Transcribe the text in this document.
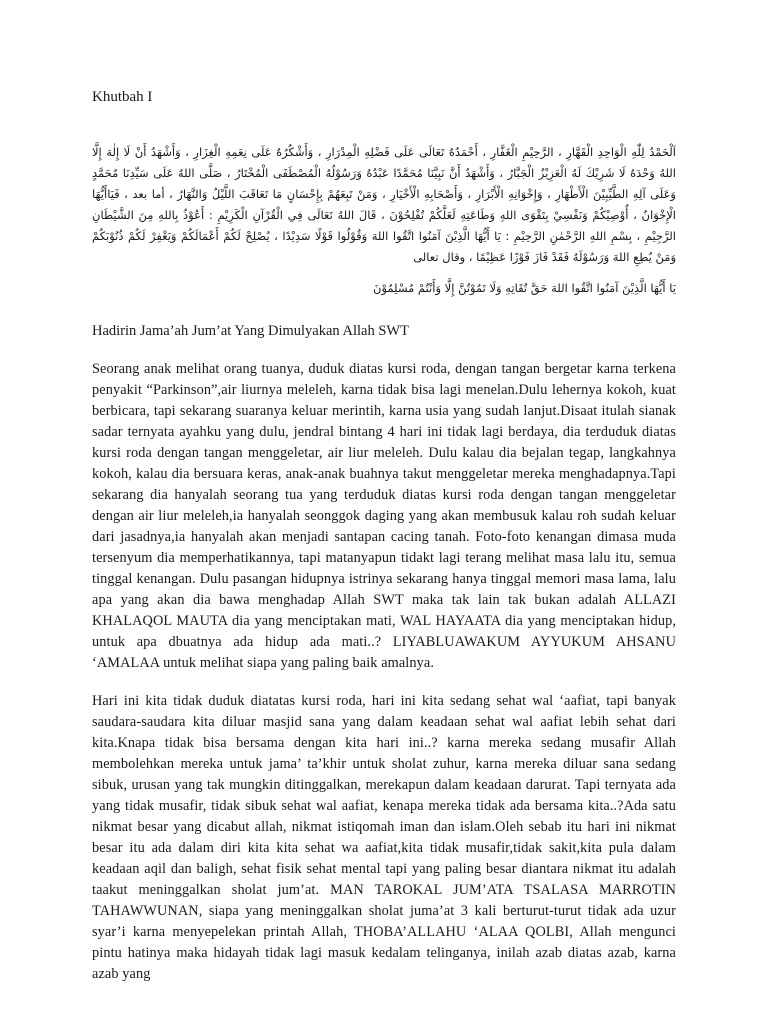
Khutbah I
اَلْحَمْدُ لِلّٰهِ الْوَاحِدِ الْقَهَّارِ ، الرَّحِيْمِ الْغَفَّارِ ، أَحْمَدُهُ تَعَالَى عَلَى فَضْلِهِ الْمِدْرَارِ ، وَأَشْكُرُهُ عَلَى نِعَمِهِ الْغِزَارِ ، وَأَشْهَدُ أَنْ لَا إِلٰهَ إِلَّا اللهُ وَحْدَهُ لَا شَرِيْكَ لَهُ الْعَزِيْزُ الْجَبَّارُ ، وَأَشْهَدُ أَنَّ نَبِيَّنَا مُحَمَّدًا عَبْدُهُ وَرَسُوْلُهُ الْمُصْطَفَى الْمُخْتَارُ ، صَلَّى اللهُ عَلَى سَيِّدِنَا مُحَمَّدٍ وَعَلَى آلِهِ الطَّيِّبِيْنَ الْأَطْهَارِ ، وَإِخْوَانِهِ الْأَبْرَارِ ، وَأَصْحَابِهِ الْأَخْيَارِ ، وَمَنْ تَبِعَهُمْ بِإِحْسَانٍ مَا تَعَاقَبَ اللَّيْلُ وَالنَّهَارُ ، أما بعد ، فَيَاأَيُّهَا الْإِخْوَانُ ، أُوْصِيْكُمْ وَنَفْسِيْ بِتَقْوَى اللهِ وَطَاعَتِهِ لَعَلَّكُمْ تُفْلِحُوْنَ ، قَالَ اللهُ تَعَالَى فِي الْقُرْآنِ الْكَرِيْمِ : أَعُوْذُ بِاللهِ مِنَ الشَّيْطَانِ الرَّجِيْمِ ، بِسْمِ اللهِ الرَّحْمٰنِ الرَّحِيْمِ : يَا أَيُّهَا الَّذِيْنَ آمَنُوا اتَّقُوا اللهَ وَقُوْلُوا قَوْلًا سَدِيْدًا ، يُصْلِحْ لَكُمْ أَعْمَالَكُمْ وَيَغْفِرْ لَكُمْ ذُنُوْبَكُمْ وَمَنْ يُطِعِ اللهَ وَرَسُوْلَهُ فَقَدْ فَازَ فَوْزًا عَظِيْمًا ، وقال تعالى
يَا أَيُّهَا الَّذِيْنَ آمَنُوا اتَّقُوا اللهَ حَقَّ تُقَاتِهِ وَلَا تَمُوْتُنَّ إِلَّا وَأَنْتُمْ مُسْلِمُوْنَ
Hadirin Jama’ah Jum’at Yang Dimulyakan Allah SWT

Seorang anak melihat orang tuanya, duduk diatas kursi roda, dengan tangan bergetar karna terkena penyakit “Parkinson”,air liurnya meleleh, karna tidak bisa lagi menelan.Dulu lehernya kokoh, kuat berbicara, tapi sekarang suaranya keluar merintih, karna usia yang sudah lanjut.Disaat itulah sianak sadar ternyata ayahku yang dulu, jendral bintang 4 hari ini tidak lagi berdaya, dia terduduk diatas kursi roda dengan tangan menggeletar, air liur meleleh. Dulu kalau dia bejalan tegap, langkahnya kokoh, kalau dia bersuara keras, anak-anak buahnya takut menggeletar mereka menghadapnya.Tapi sekarang dia hanyalah seorang tua yang terduduk diatas kursi roda dengan tangan menggeletar dengan air liur meleleh,ia hanyalah seonggok daging yang akan membusuk kalau roh sudah keluar dari jasadnya,ia hanyalah akan menjadi santapan cacing tanah. Foto-foto kenangan dimasa muda tersenyum dia memperhatikannya, tapi matanyapun tidakt lagi terang melihat masa lalu itu, semua tinggal kenangan. Dulu pasangan hidupnya istrinya sekarang hanya tinggal memori masa lama, lalu apa yang akan dia bawa menghadap Allah SWT maka tak lain tak bukan adalah ALLAZI KHALAQOL MAUTA dia yang menciptakan mati, WAL HAYAATA dia yang menciptakan hidup, untuk apa dbuatnya ada hidup ada mati..? LIYABLUAWAKUM AYYUKUM AHSANU ‘AMALAA untuk melihat siapa yang paling baik amalnya.

Hari ini kita tidak duduk diatatas kursi roda, hari ini kita sedang sehat wal ‘aafiat, tapi banyak saudara-saudara kita diluar masjid sana yang dalam keadaan sehat wal aafiat lebih sehat dari kita.Knapa tidak bisa bersama dengan kita hari ini..? karna mereka sedang musafir Allah membolehkan mereka untuk jama’ ta’khir untuk sholat zuhur, karna mereka diluar sana sedang sibuk, urusan yang tak mungkin ditinggalkan, merekapun dalam keadaan darurat. Tapi ternyata ada yang tidak musafir, tidak sibuk sehat wal aafiat, kenapa mereka tidak ada bersama kita..?Ada satu nikmat besar yang dicabut allah, nikmat istiqomah iman dan islam.Oleh sebab itu hari ini nikmat besar itu ada dalam diri kita kita sehat wa aafiat,kita tidak musafir,tidak sakit,kita pula dalam keadaan aqil dan baligh, sehat fisik sehat mental tapi yang paling besar diantara nikmat itu adalah taakut meninggalkan sholat jum’at. MAN TAROKAL JUM’ATA TSALASA MARROTIN TAHAWWUNAN, siapa yang meninggalkan sholat juma’at 3 kali berturut-turut tidak ada uzur syar’i karna menyepelekan printah Allah, THOBA’ALLAHU ‘ALAA QOLBI, Allah mengunci pintu hatinya maka hidayah tidak lagi masuk kedalam telinganya, inilah azab diatas azab, karna azab yang
